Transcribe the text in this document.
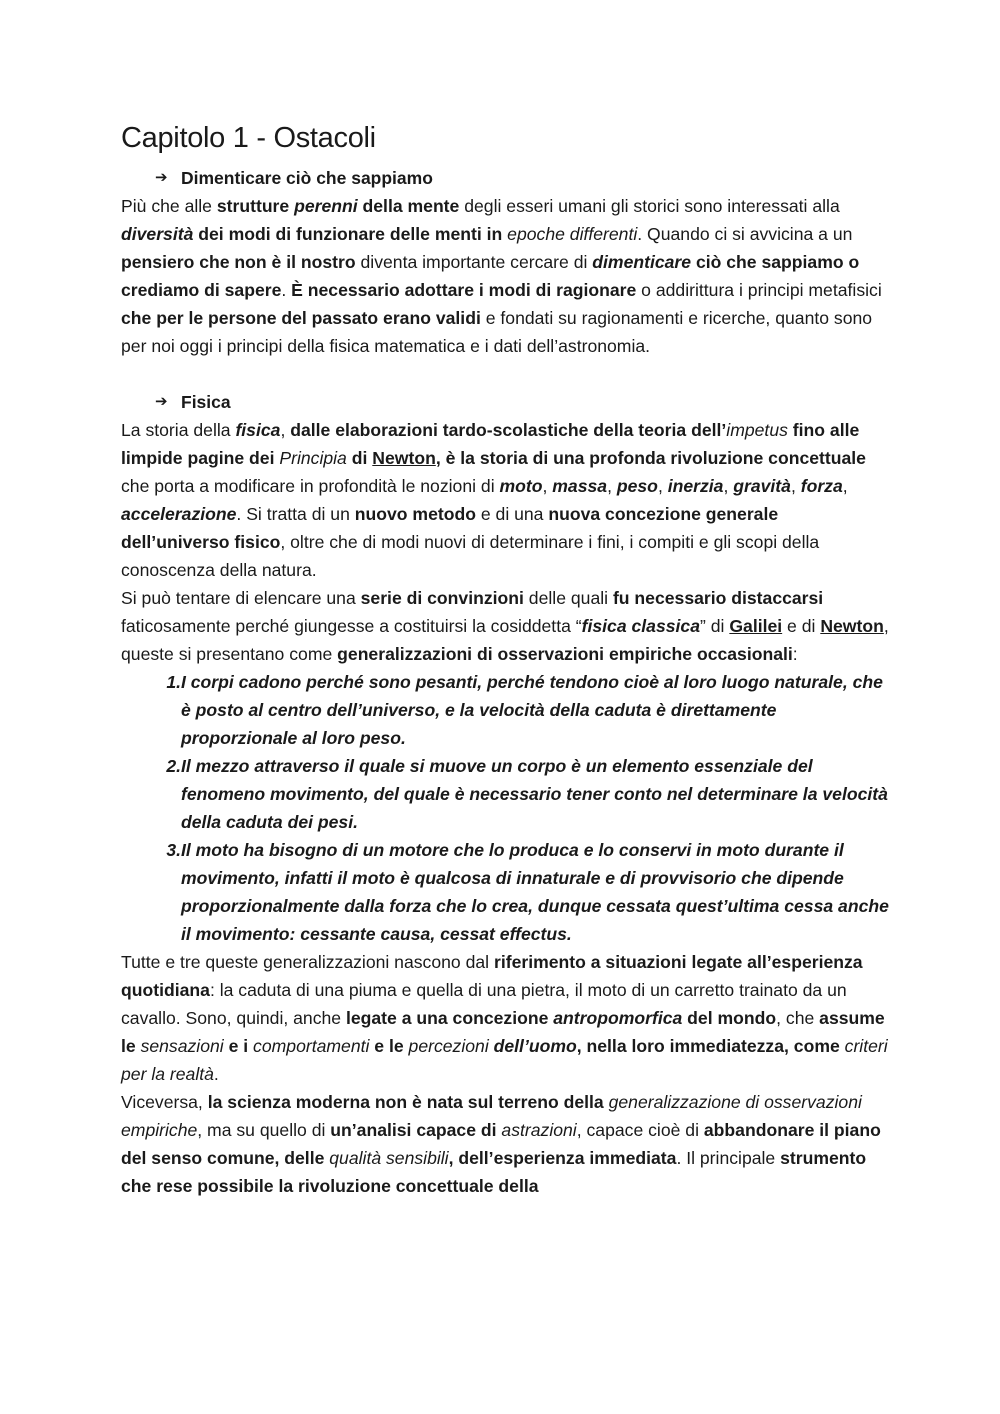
Capitolo 1 - Ostacoli
➔ Dimenticare ciò che sappiamo

Più che alle strutture perenni della mente degli esseri umani gli storici sono interessati alla diversità dei modi di funzionare delle menti in epoche differenti. Quando ci si avvicina a un pensiero che non è il nostro diventa importante cercare di dimenticare ciò che sappiamo o crediamo di sapere. È necessario adottare i modi di ragionare o addirittura i principi metafisici che per le persone del passato erano validi e fondati su ragionamenti e ricerche, quanto sono per noi oggi i principi della fisica matematica e i dati dell’astronomia.

➔ Fisica

La storia della fisica, dalle elaborazioni tardo-scolastiche della teoria dell’impetus fino alle limpide pagine dei Principia di Newton, è la storia di una profonda rivoluzione concettuale che porta a modificare in profondità le nozioni di moto, massa, peso, inerzia, gravità, forza, accelerazione. Si tratta di un nuovo metodo e di una nuova concezione generale dell’universo fisico, oltre che di modi nuovi di determinare i fini, i compiti e gli scopi della conoscenza della natura.

Si può tentare di elencare una serie di convinzioni delle quali fu necessario distaccarsi faticosamente perché giungesse a costituirsi la cosiddetta “fisica classica” di Galilei e di Newton, queste si presentano come generalizzazioni di osservazioni empiriche occasionali:

1. I corpi cadono perché sono pesanti, perché tendono cioè al loro luogo naturale, che è posto al centro dell’universo, e la velocità della caduta è direttamente proporzionale al loro peso.
2. Il mezzo attraverso il quale si muove un corpo è un elemento essenziale del fenomeno movimento, del quale è necessario tener conto nel determinare la velocità della caduta dei pesi.
3. Il moto ha bisogno di un motore che lo produca e lo conservi in moto durante il movimento, infatti il moto è qualcosa di innaturale e di provvisorio che dipende proporzionalmente dalla forza che lo crea, dunque cessata quest’ultima cessa anche il movimento: cessante causa, cessat effectus.

Tutte e tre queste generalizzazioni nascono dal riferimento a situazioni legate all’esperienza quotidiana: la caduta di una piuma e quella di una pietra, il moto di un carretto trainato da un cavallo. Sono, quindi, anche legate a una concezione antropomorfica del mondo, che assume le sensazioni e i comportamenti e le percezioni dell’uomo, nella loro immediatezza, come criteri per la realtà.

Viceversa, la scienza moderna non è nata sul terreno della generalizzazione di osservazioni empiriche, ma su quello di un’analisi capace di astrazioni, capace cioè di abbandonare il piano del senso comune, delle qualità sensibili, dell’esperienza immediata. Il principale strumento che rese possibile la rivoluzione concettuale della
